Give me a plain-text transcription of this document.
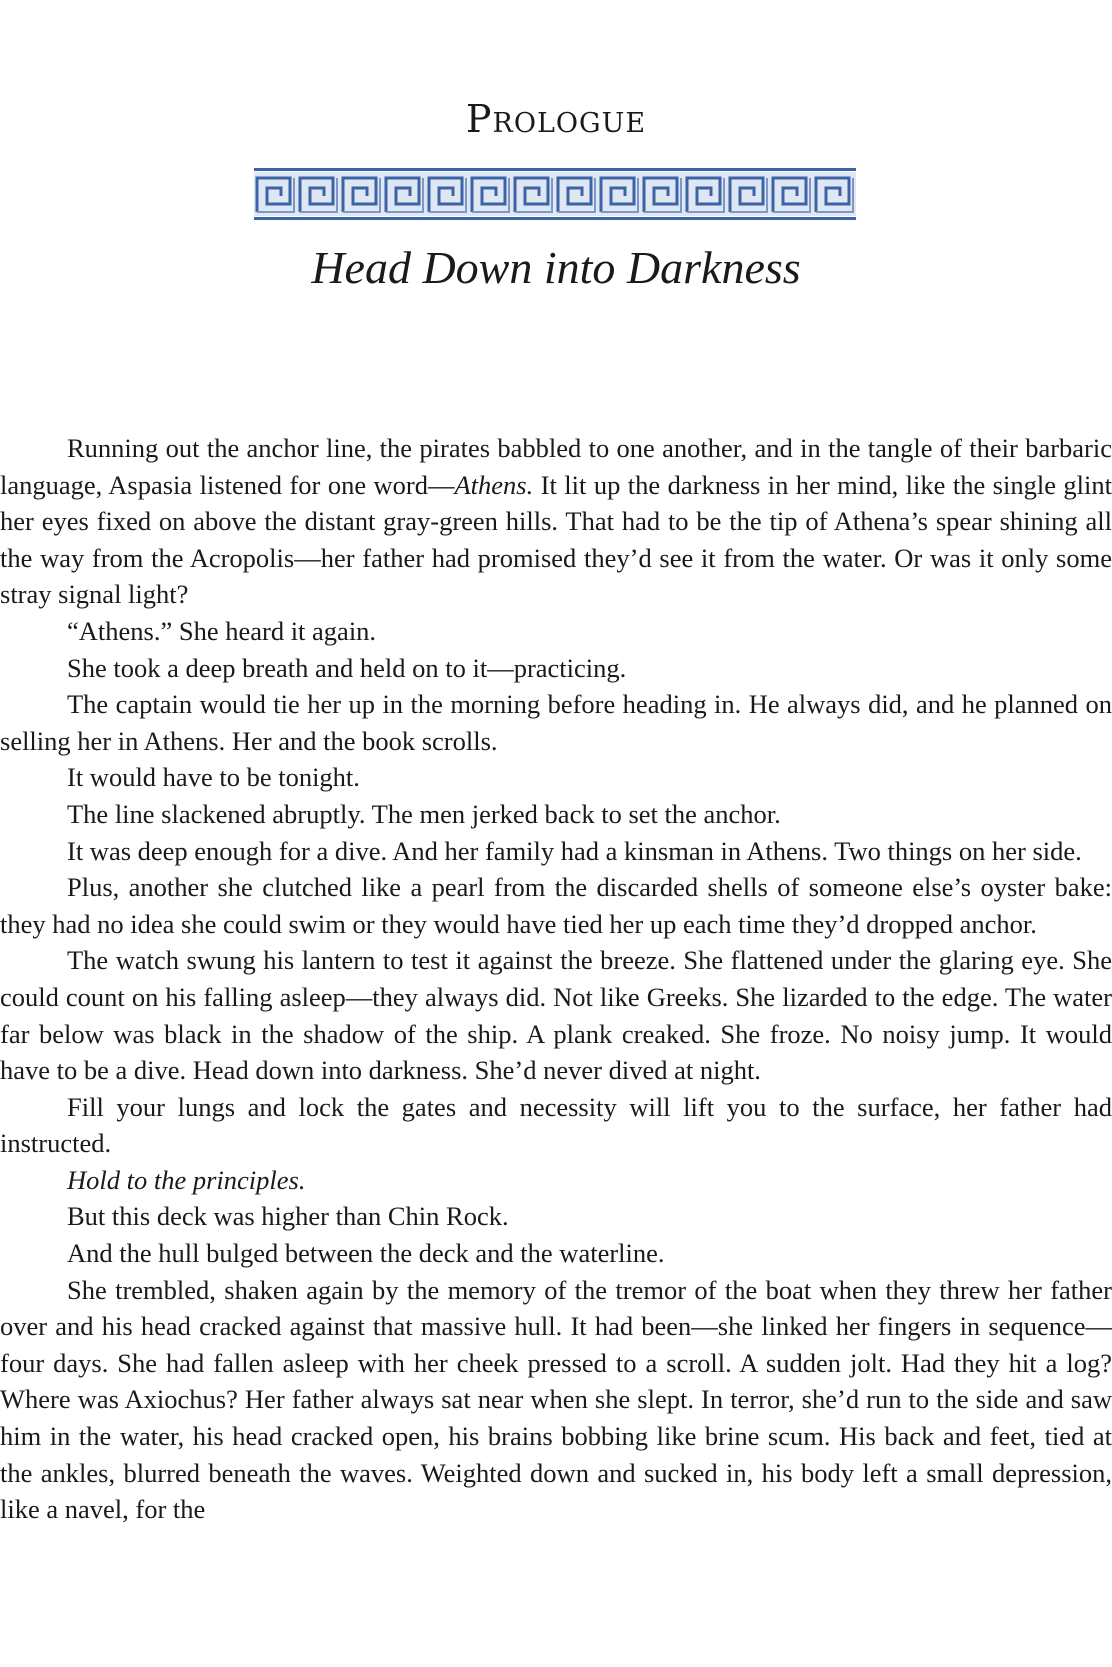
Prologue
Head Down into Darkness

Running out the anchor line, the pirates babbled to one another, and in the tangle of their barbaric language, Aspasia listened for one word—Athens. It lit up the darkness in her mind, like the single glint her eyes fixed on above the distant gray-green hills. That had to be the tip of Athena’s spear shining all the way from the Acropolis—her father had promised they’d see it from the water. Or was it only some stray signal light?

“Athens.” She heard it again.

She took a deep breath and held on to it—practicing.

The captain would tie her up in the morning before heading in. He always did, and he planned on selling her in Athens. Her and the book scrolls.

It would have to be tonight.

The line slackened abruptly. The men jerked back to set the anchor.

It was deep enough for a dive. And her family had a kinsman in Athens. Two things on her side.

Plus, another she clutched like a pearl from the discarded shells of someone else’s oyster bake: they had no idea she could swim or they would have tied her up each time they’d dropped anchor.

The watch swung his lantern to test it against the breeze. She flattened under the glaring eye. She could count on his falling asleep—they always did. Not like Greeks. She lizarded to the edge. The water far below was black in the shadow of the ship. A plank creaked. She froze. No noisy jump. It would have to be a dive. Head down into darkness. She’d never dived at night.

Fill your lungs and lock the gates and necessity will lift you to the surface, her father had instructed.

Hold to the principles.

But this deck was higher than Chin Rock.

And the hull bulged between the deck and the waterline.

She trembled, shaken again by the memory of the tremor of the boat when they threw her father over and his head cracked against that massive hull. It had been—she linked her fingers in sequence—four days. She had fallen asleep with her cheek pressed to a scroll. A sudden jolt. Had they hit a log? Where was Axiochus? Her father always sat near when she slept. In terror, she’d run to the side and saw him in the water, his head cracked open, his brains bobbing like brine scum. His back and feet, tied at the ankles, blurred beneath the waves. Weighted down and sucked in, his body left a small depression, like a navel, for the
